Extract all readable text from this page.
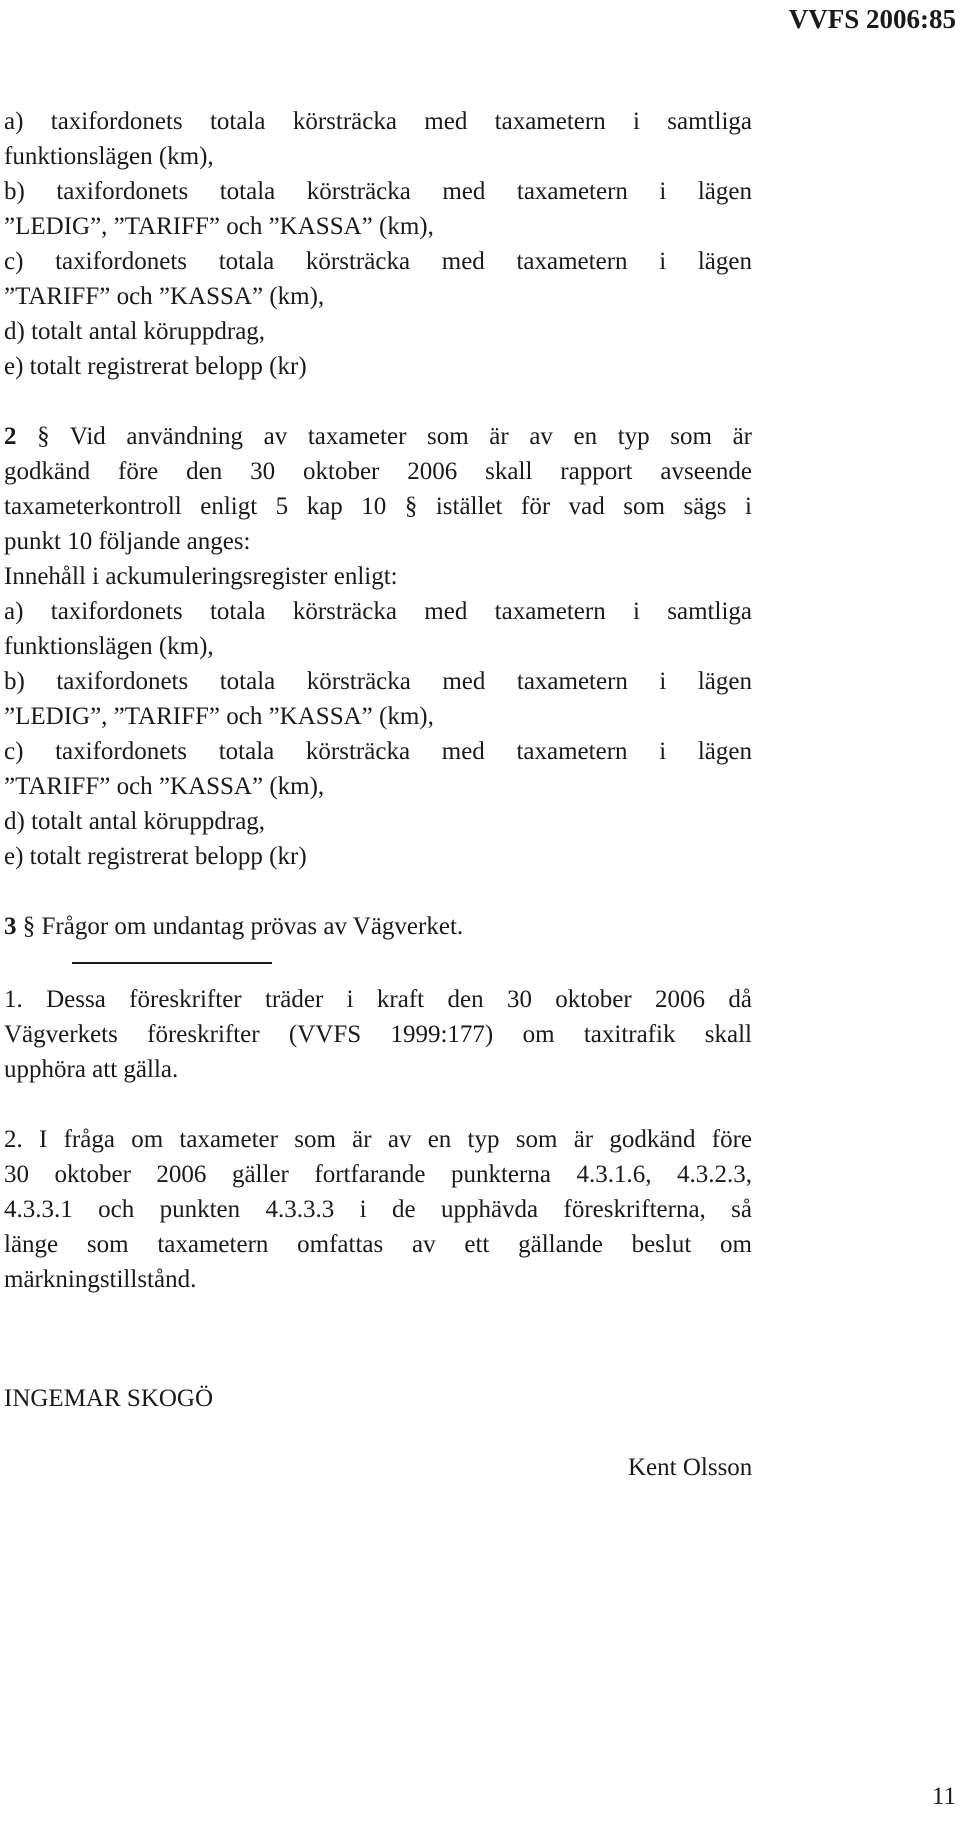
VVFS 2006:85
a) taxifordonets totala körsträcka med taxametern i samtliga
funktionslägen (km),
b) taxifordonets totala körsträcka med taxametern i lägen
”LEDIG”, ”TARIFF” och ”KASSA” (km),
c) taxifordonets totala körsträcka med taxametern i lägen
”TARIFF” och ”KASSA” (km),
d) totalt antal köruppdrag,
e) totalt registrerat belopp (kr)
2 § Vid användning av taxameter som är av en typ som är
godkänd före den 30 oktober 2006 skall rapport avseende
taxameterkontroll enligt 5 kap 10 § istället för vad som sägs i
punkt 10 följande anges:
Innehåll i ackumuleringsregister enligt:
a) taxifordonets totala körsträcka med taxametern i samtliga
funktionslägen (km),
b) taxifordonets totala körsträcka med taxametern i lägen
”LEDIG”, ”TARIFF” och ”KASSA” (km),
c) taxifordonets totala körsträcka med taxametern i lägen
”TARIFF” och ”KASSA” (km),
d) totalt antal köruppdrag,
e) totalt registrerat belopp (kr)
3 § Frågor om undantag prövas av Vägverket.
1. Dessa föreskrifter träder i kraft den 30 oktober 2006 då
Vägverkets föreskrifter (VVFS 1999:177) om taxitrafik skall
upphöra att gälla.
2. I fråga om taxameter som är av en typ som är godkänd före
30 oktober 2006 gäller fortfarande punkterna 4.3.1.6, 4.3.2.3,
4.3.3.1 och punkten 4.3.3.3 i de upphävda föreskrifterna, så
länge som taxametern omfattas av ett gällande beslut om
märkningstillstånd.
INGEMAR SKOGÖ
Kent Olsson
11
